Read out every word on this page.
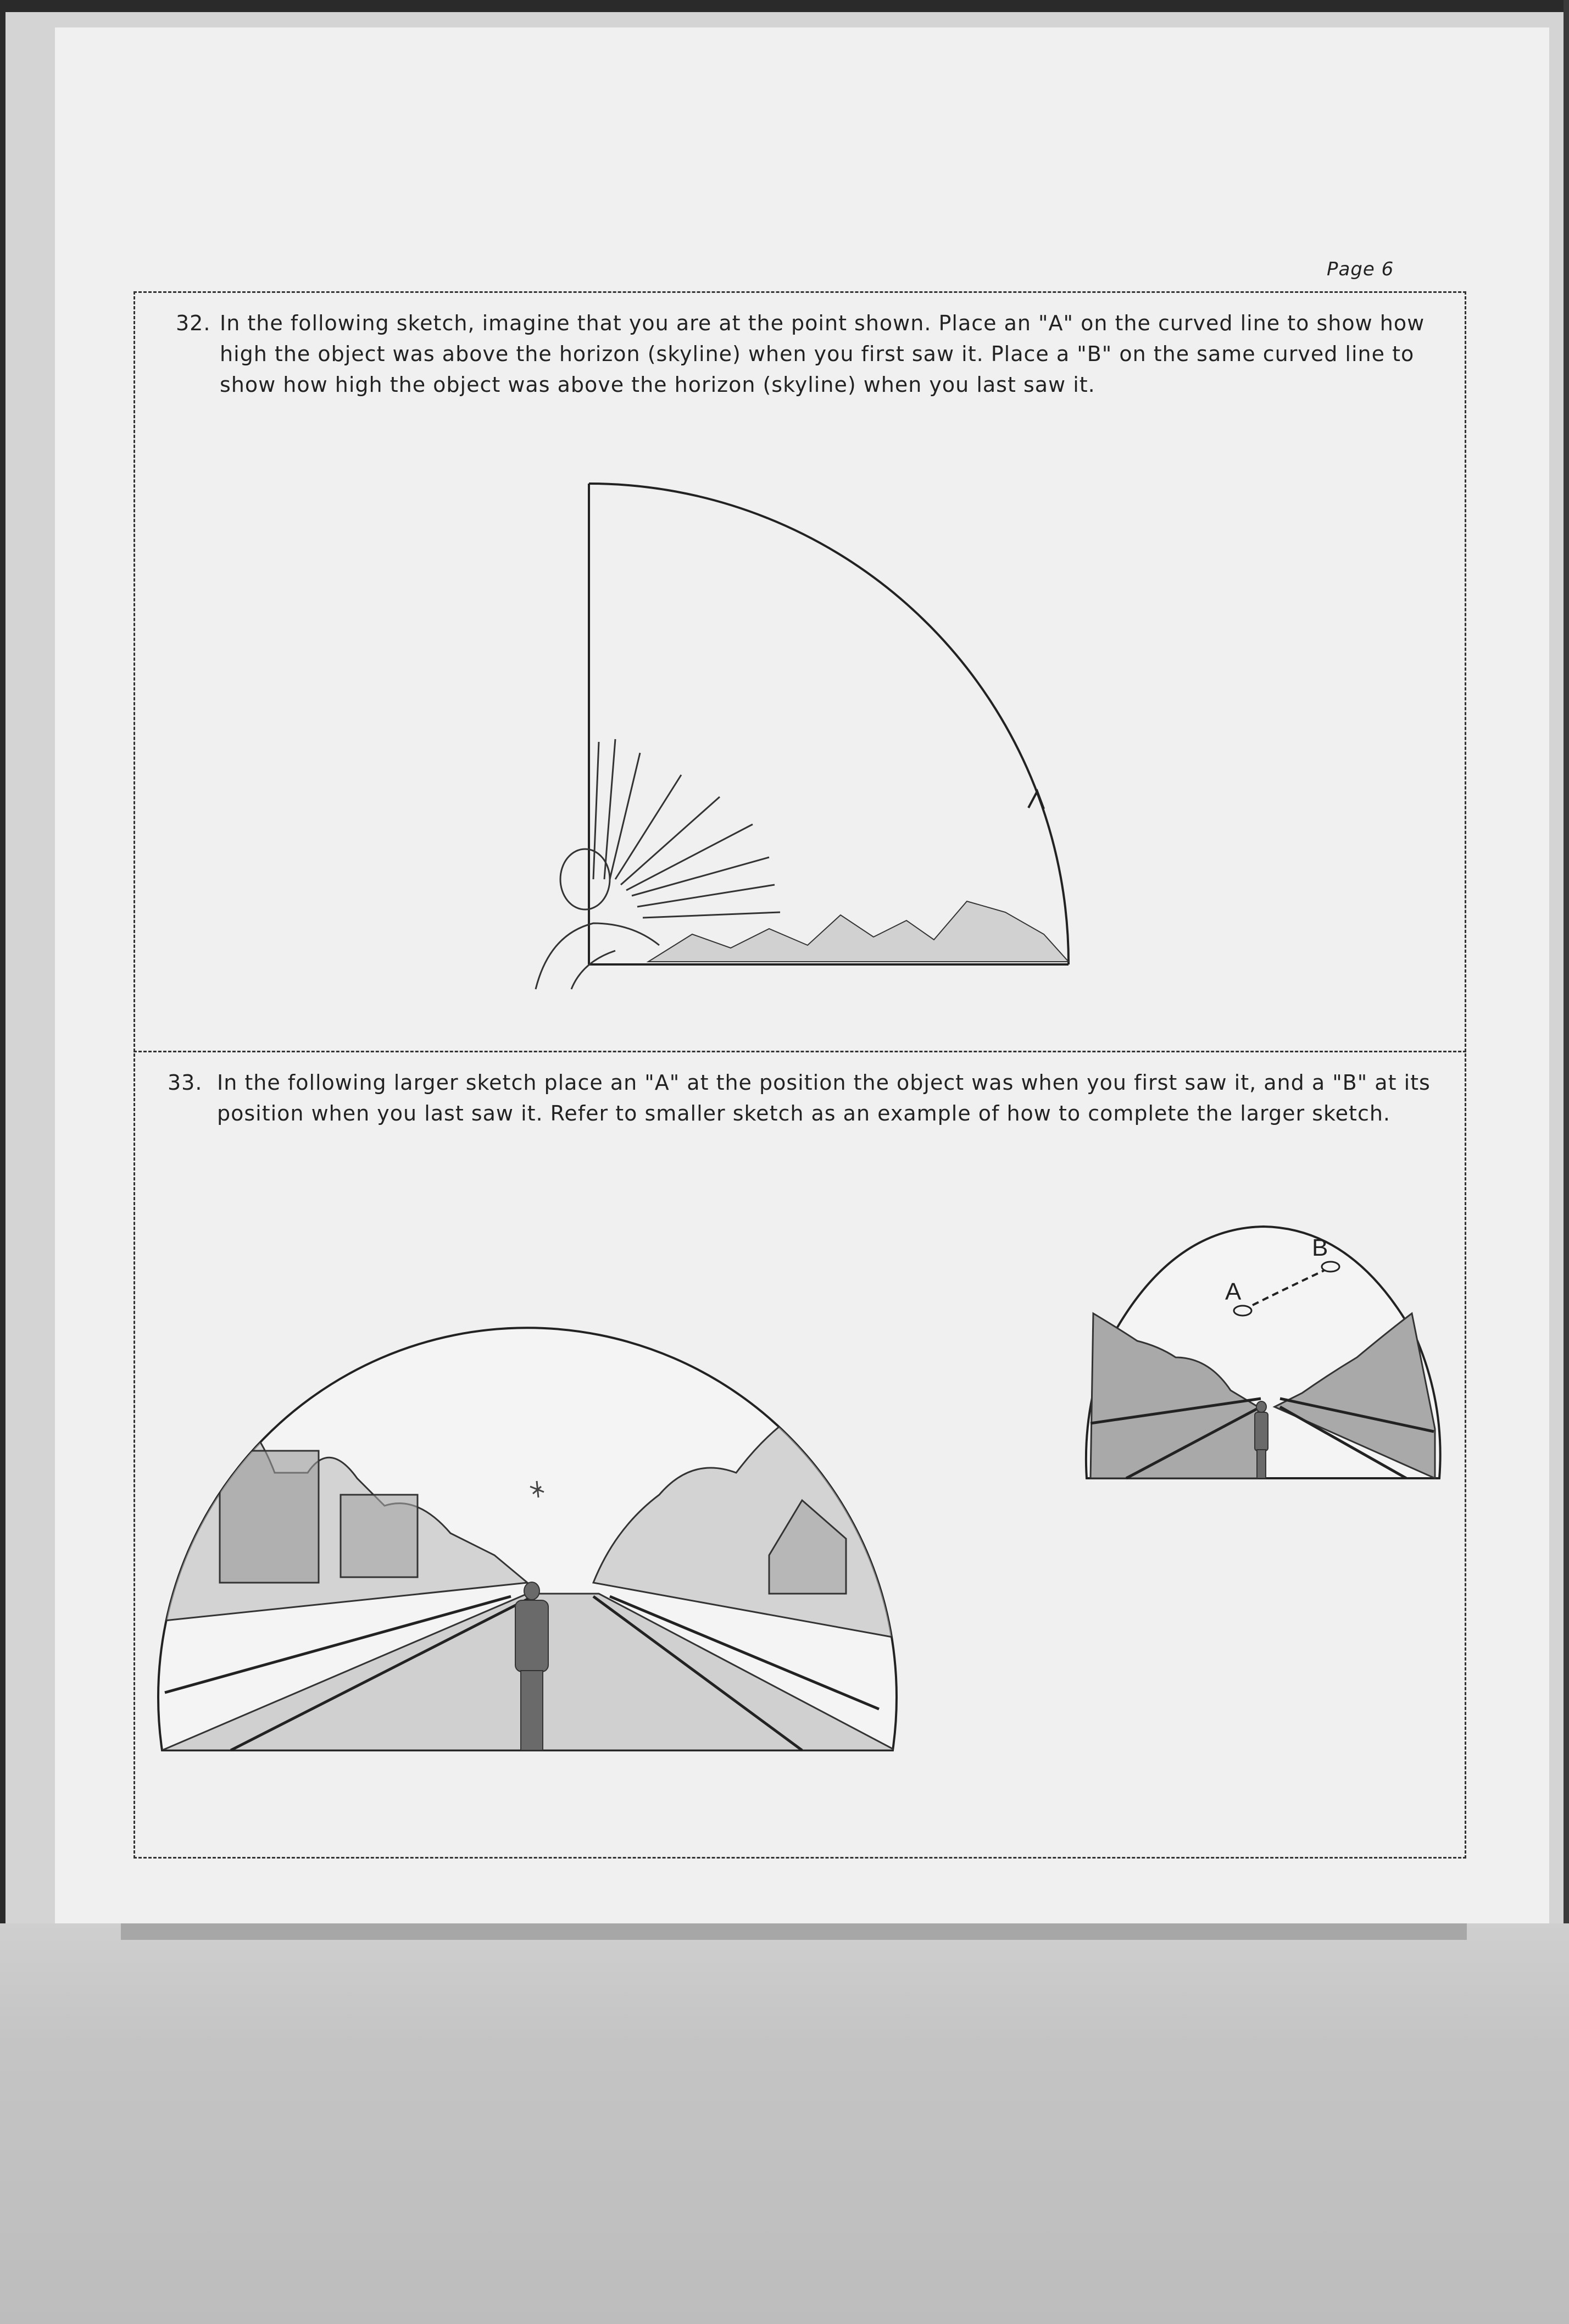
Page 6
32. In the following sketch, imagine that you are at the point shown. Place an "A" on the curved line to show how
high the object was above the horizon (skyline) when you first saw it. Place a "B" on the same curved line to
show how high the object was above the horizon (skyline) when you last saw it.
33. In the following larger sketch place an "A" at the position the object was when you first saw it, and a "B" at its
position when you last saw it. Refer to smaller sketch as an example of how to complete the larger sketch.
A
B
